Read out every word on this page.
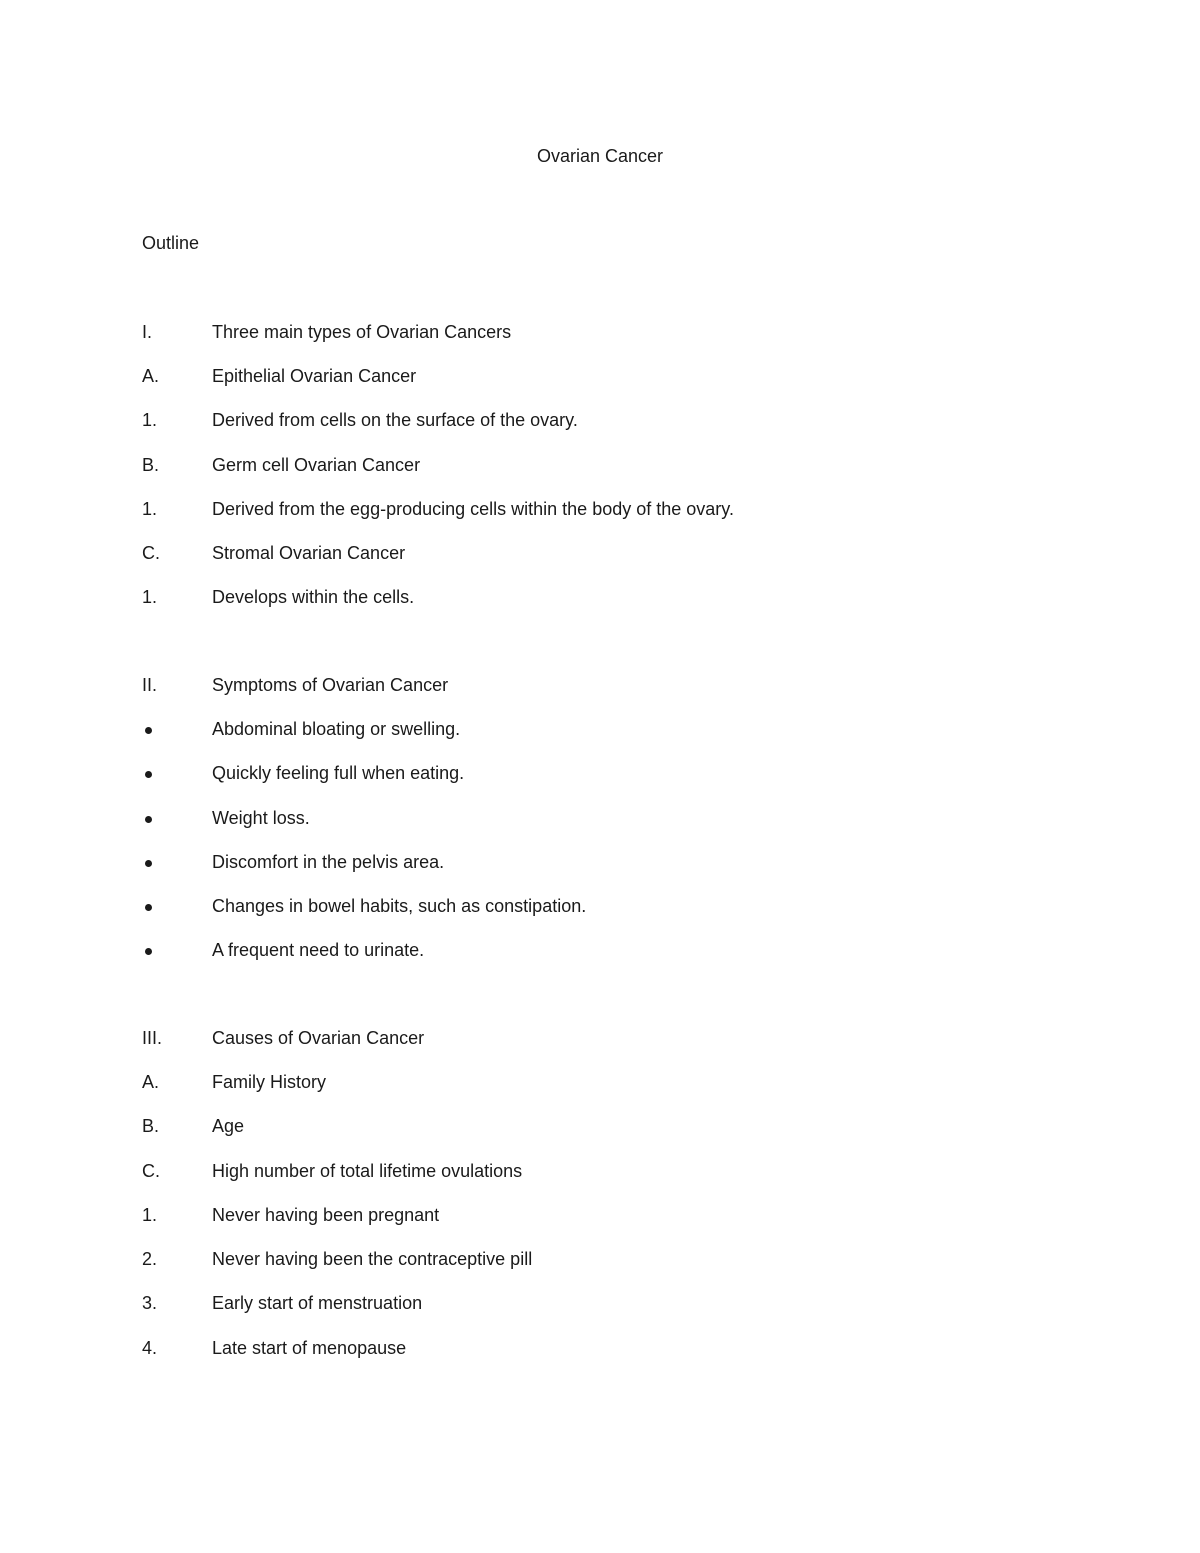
Ovarian Cancer
Outline
I.	Three main types of Ovarian Cancers
A.	Epithelial Ovarian Cancer
1.	Derived from cells on the surface of the ovary.
B.	Germ cell Ovarian Cancer
1.	Derived from the egg-producing cells within the body of the ovary.
C.	Stromal Ovarian Cancer
1.	Develops within the cells.
II.	Symptoms of Ovarian Cancer
Abdominal bloating or swelling.
Quickly feeling full when eating.
Weight loss.
Discomfort in the pelvis area.
Changes in bowel habits, such as constipation.
A frequent need to urinate.
III.	Causes of Ovarian Cancer
A.	Family History
B.	Age
C.	High number of total lifetime ovulations
1.	Never having been pregnant
2.	Never having been the contraceptive pill
3.	Early start of menstruation
4.	Late start of menopause
